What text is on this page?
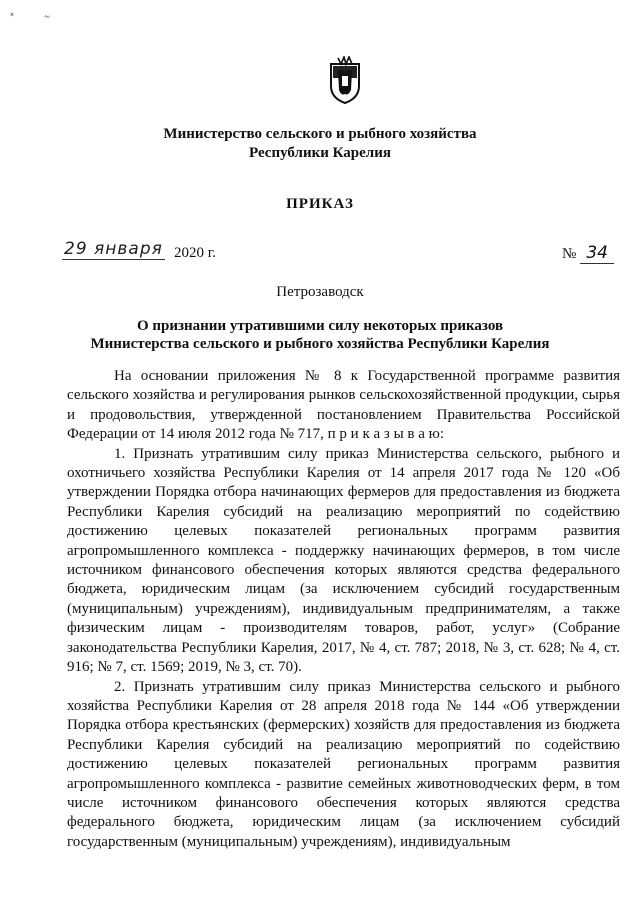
˟ ~
Министерство сельского и рыбного хозяйства
Республики Карелия
ПРИКАЗ
29 января 2020 г.	№ 34
Петрозаводск
О признании утратившими силу некоторых приказов
Министерства сельского и рыбного хозяйства Республики Карелия

На основании приложения № 8 к Государственной программе развития сельского хозяйства и регулирования рынков сельскохозяйственной продукции, сырья и продовольствия, утвержденной постановлением Правительства Российской Федерации от 14 июля 2012 года № 717, п р и к а з ы в а ю:

1. Признать утратившим силу приказ Министерства сельского, рыбного и охотничьего хозяйства Республики Карелия от 14 апреля 2017 года № 120 «Об утверждении Порядка отбора начинающих фермеров для предоставления из бюджета Республики Карелия субсидий на реализацию мероприятий по содействию достижению целевых показателей региональных программ развития агропромышленного комплекса - поддержку начинающих фермеров, в том числе источником финансового обеспечения которых являются средства федерального бюджета, юридическим лицам (за исключением субсидий государственным (муниципальным) учреждениям), индивидуальным предпринимателям, а также физическим лицам - производителям товаров, работ, услуг» (Собрание законодательства Республики Карелия, 2017, № 4, ст. 787; 2018, № 3, ст. 628; № 4, ст. 916; № 7, ст. 1569; 2019, № 3, ст. 70).

2. Признать утратившим силу приказ Министерства сельского и рыбного хозяйства Республики Карелия от 28 апреля 2018 года № 144 «Об утверждении Порядка отбора крестьянских (фермерских) хозяйств для предоставления из бюджета Республики Карелия субсидий на реализацию мероприятий по содействию достижению целевых показателей региональных программ развития агропромышленного комплекса - развитие семейных животноводческих ферм, в том числе источником финансового обеспечения которых являются средства федерального бюджета, юридическим лицам (за исключением субсидий государственным (муниципальным) учреждениям), индивидуальным
